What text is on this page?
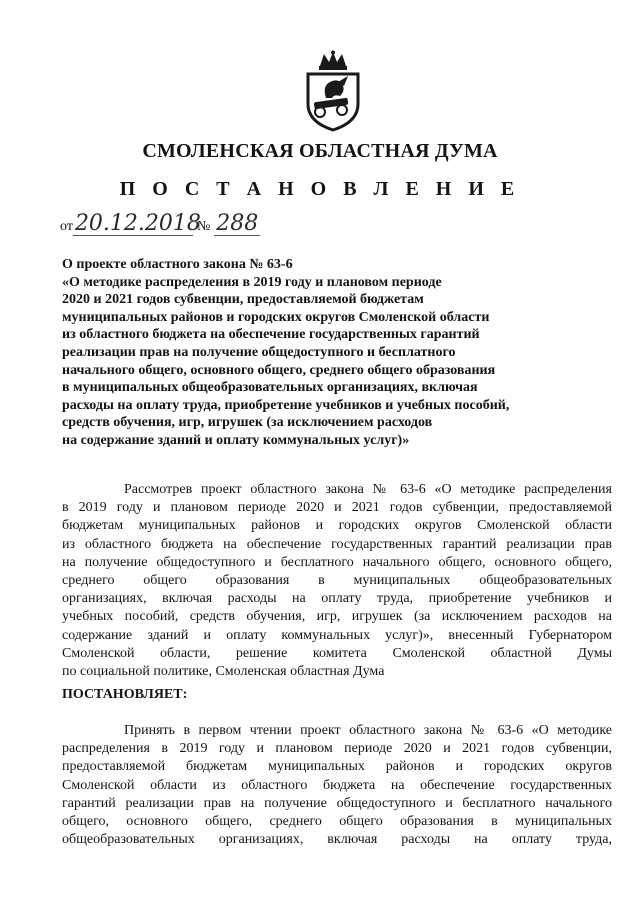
СМОЛЕНСКАЯ ОБЛАСТНАЯ ДУМА
П О С Т А Н О В Л Е Н И Е
от 20.12.2018
№ 288
О проекте областного закона № 63-6
«О методике распределения в 2019 году и плановом периоде
2020 и 2021 годов субвенции, предоставляемой бюджетам
муниципальных районов и городских округов Смоленской области
из областного бюджета на обеспечение государственных гарантий
реализации прав на получение общедоступного и бесплатного
начального общего, основного общего, среднего общего образования
в муниципальных общеобразовательных организациях, включая
расходы на оплату труда, приобретение учебников и учебных пособий,
средств обучения, игр, игрушек (за исключением расходов
на содержание зданий и оплату коммунальных услуг)»
Рассмотрев проект областного закона № 63-6 «О методике распределения
в 2019 году и плановом периоде 2020 и 2021 годов субвенции, предоставляемой
бюджетам муниципальных районов и городских округов Смоленской области
из областного бюджета на обеспечение государственных гарантий реализации прав
на получение общедоступного и бесплатного начального общего, основного общего,
среднего общего образования в муниципальных общеобразовательных
организациях, включая расходы на оплату труда, приобретение учебников и
учебных пособий, средств обучения, игр, игрушек (за исключением расходов на
содержание зданий и оплату коммунальных услуг)», внесенный Губернатором
Смоленской области, решение комитета Смоленской областной Думы
по социальной политике, Смоленская областная Дума
ПОСТАНОВЛЯЕТ:
Принять в первом чтении проект областного закона № 63-6 «О методике
распределения в 2019 году и плановом периоде 2020 и 2021 годов субвенции,
предоставляемой бюджетам муниципальных районов и городских округов
Смоленской области из областного бюджета на обеспечение государственных
гарантий реализации прав на получение общедоступного и бесплатного начального
общего, основного общего, среднего общего образования в муниципальных
общеобразовательных организациях, включая расходы на оплату труда,
